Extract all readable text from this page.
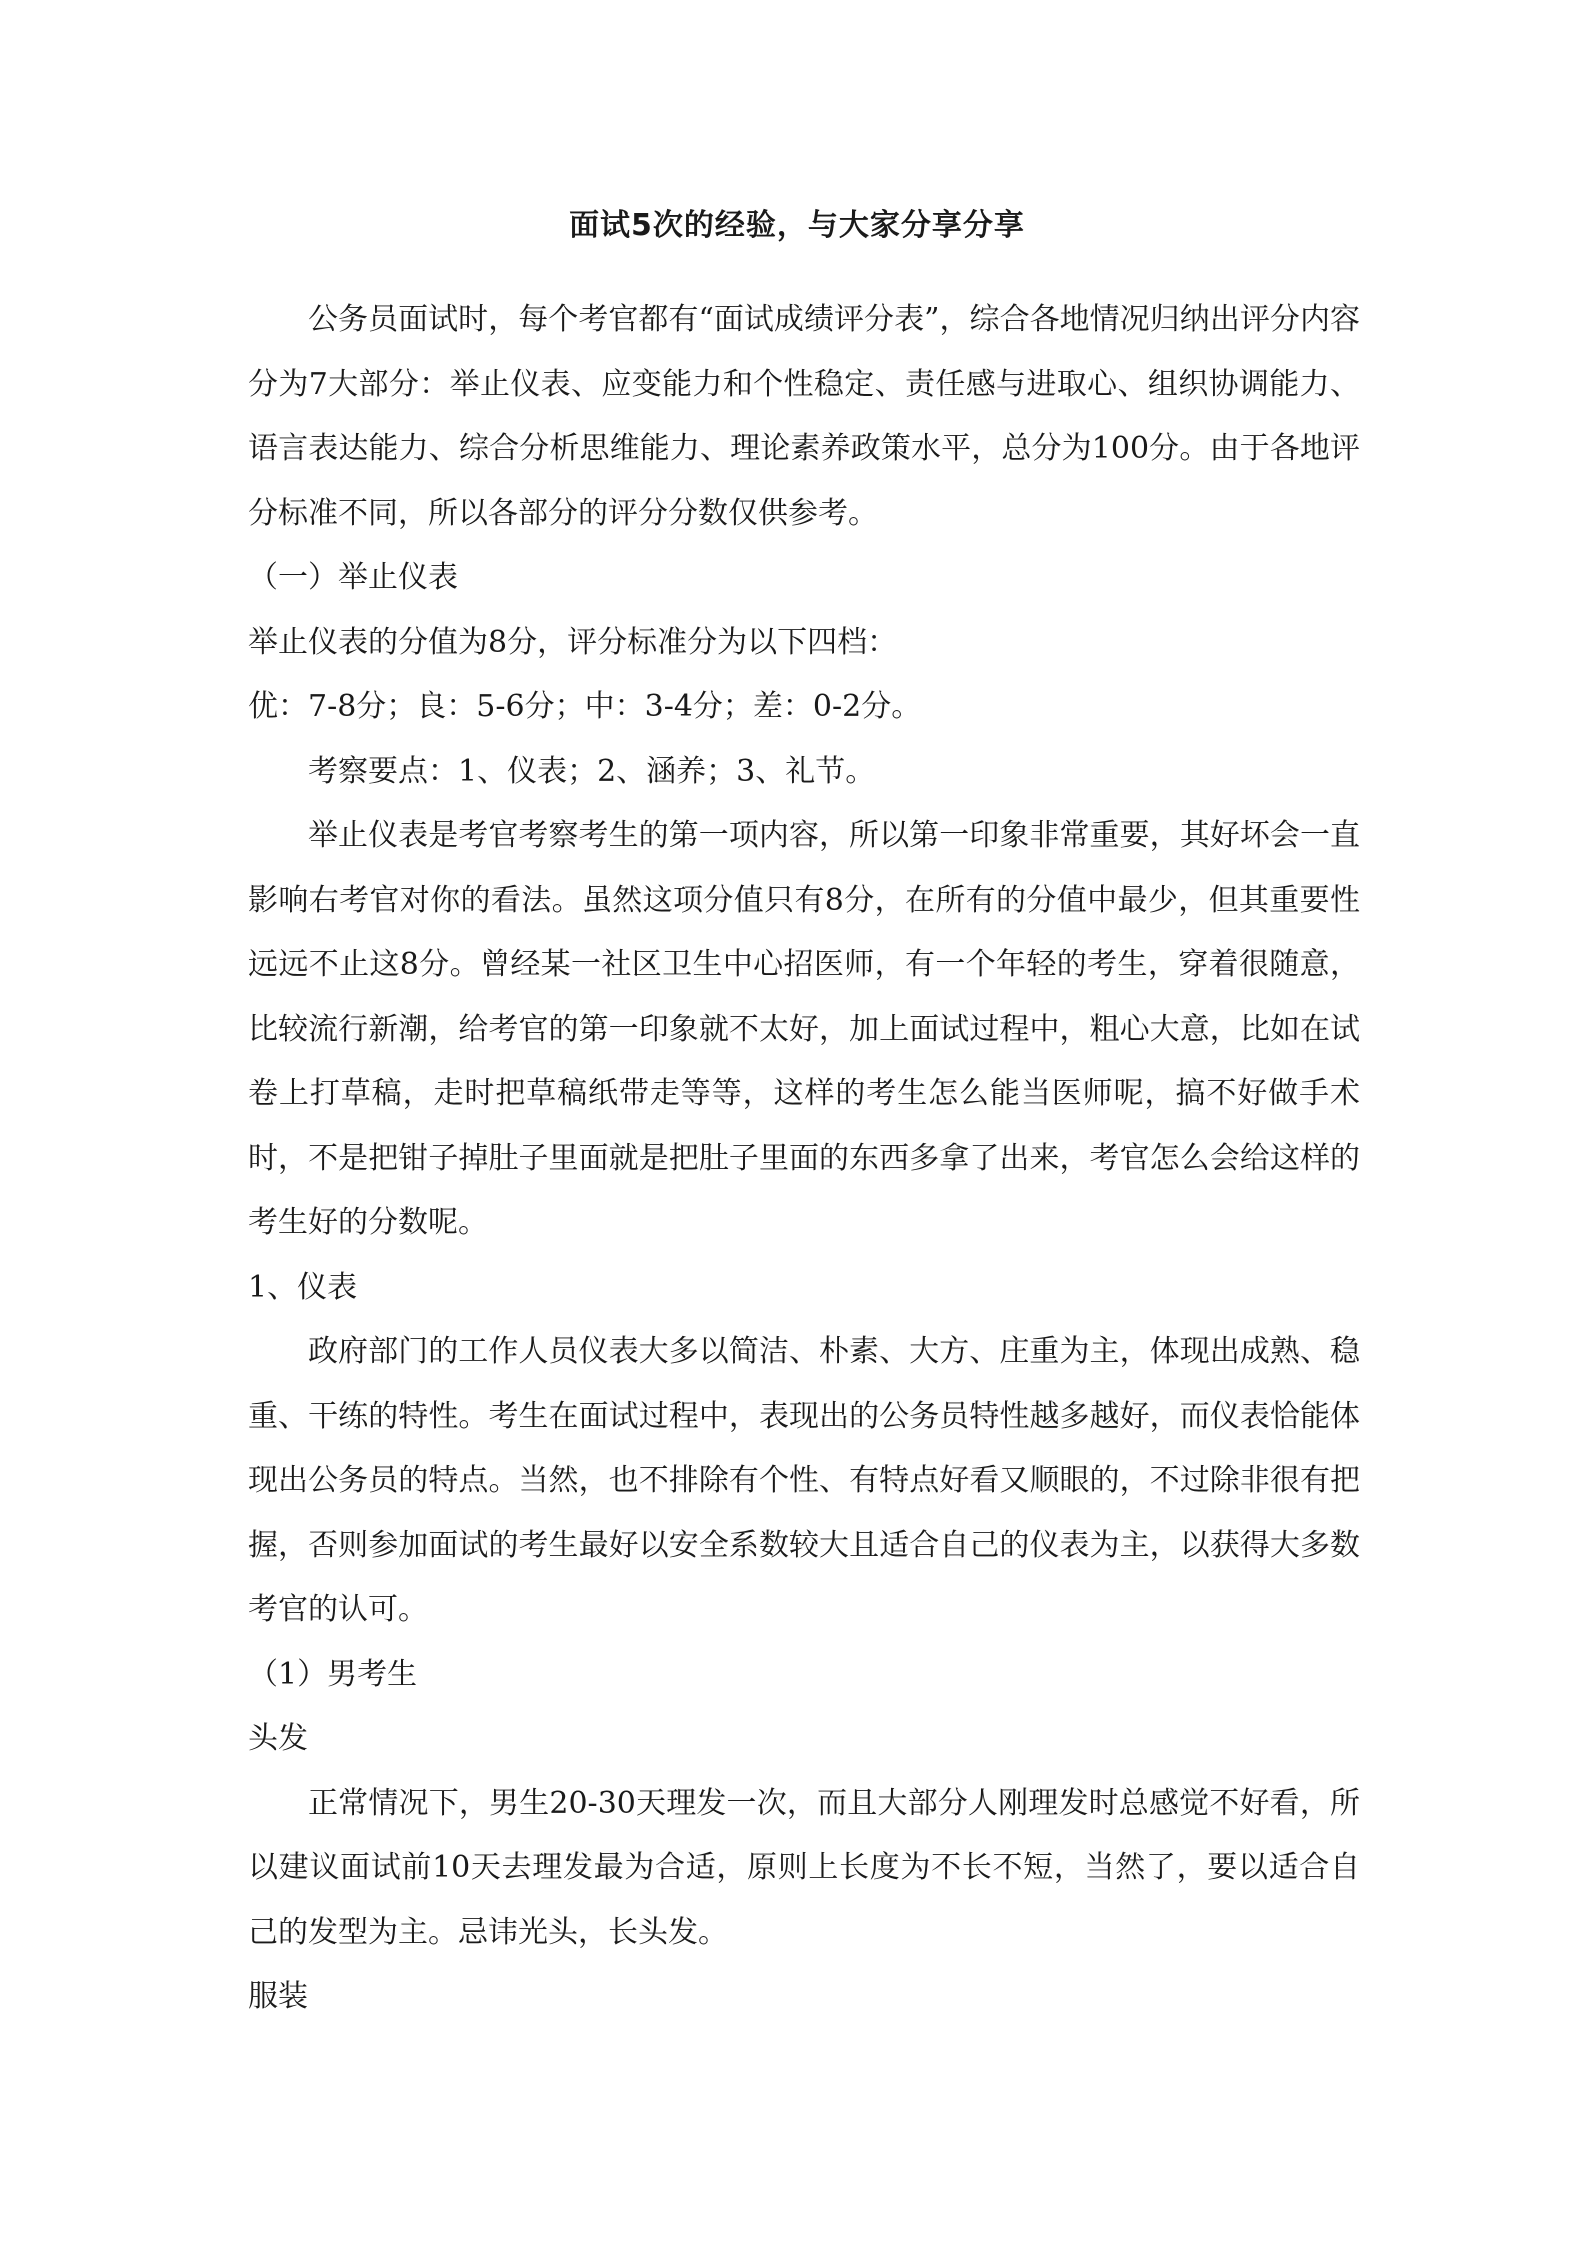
面试5次的经验，与大家分享分享

公务员面试时，每个考官都有“面试成绩评分表”，综合各地情况归纳出评分内容分为7大部分：举止仪表、应变能力和个性稳定、责任感与进取心、组织协调能力、语言表达能力、综合分析思维能力、理论素养政策水平，总分为100分。由于各地评分标准不同，所以各部分的评分分数仅供参考。

（一）举止仪表

举止仪表的分值为8分，评分标准分为以下四档：

优：7-8分；良：5-6分；中：3-4分；差：0-2分。

考察要点：1、仪表；2、涵养；3、礼节。

举止仪表是考官考察考生的第一项内容，所以第一印象非常重要，其好坏会一直影响右考官对你的看法。虽然这项分值只有8分，在所有的分值中最少，但其重要性远远不止这8分。曾经某一社区卫生中心招医师，有一个年轻的考生，穿着很随意，比较流行新潮，给考官的第一印象就不太好，加上面试过程中，粗心大意，比如在试卷上打草稿，走时把草稿纸带走等等，这样的考生怎么能当医师呢，搞不好做手术时，不是把钳子掉肚子里面就是把肚子里面的东西多拿了出来，考官怎么会给这样的考生好的分数呢。

1、仪表

政府部门的工作人员仪表大多以简洁、朴素、大方、庄重为主，体现出成熟、稳重、干练的特性。考生在面试过程中，表现出的公务员特性越多越好，而仪表恰能体现出公务员的特点。当然，也不排除有个性、有特点好看又顺眼的，不过除非很有把握，否则参加面试的考生最好以安全系数较大且适合自己的仪表为主，以获得大多数考官的认可。

（1）男考生

头发

正常情况下，男生20-30天理发一次，而且大部分人刚理发时总感觉不好看，所以建议面试前10天去理发最为合适，原则上长度为不长不短，当然了，要以适合自己的发型为主。忌讳光头，长头发。

服装
